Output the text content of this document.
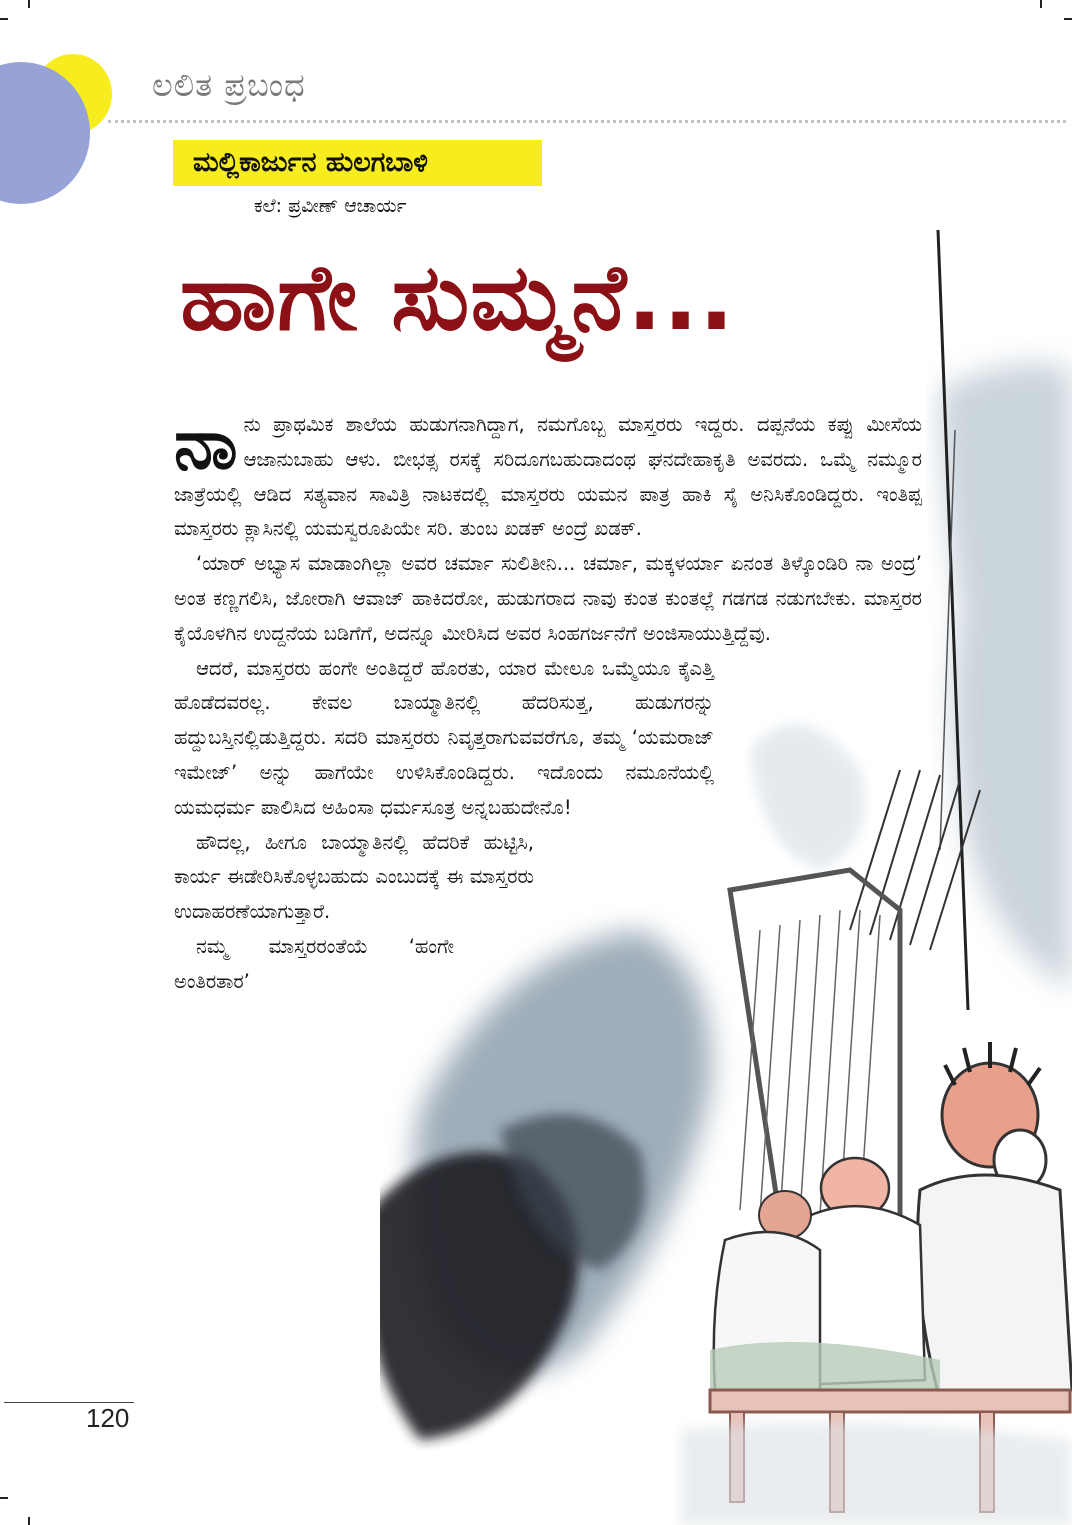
ಲಲಿತ ಪ್ರಬಂಧ
ಮಲ್ಲಿಕಾರ್ಜುನ ಹುಲಗಬಾಳಿ
ಕಲೆ: ಪ್ರವೀಣ್ ಆಚಾರ್ಯ
ಹಾಗೇ ಸುಮ್ಮನೆ...

ನಾನು ಪ್ರಾಥಮಿಕ ಶಾಲೆಯ ಹುಡುಗನಾಗಿದ್ದಾಗ, ನಮಗೊಬ್ಬ ಮಾಸ್ತರರು ಇದ್ದರು. ದಪ್ಪನೆಯ ಕಪ್ಪು ಮೀಸೆಯ ಆಜಾನುಬಾಹು ಆಳು. ಬೀಭತ್ಸ ರಸಕ್ಕೆ ಸರಿದೂಗಬಹುದಾದಂಥ ಘನದೇಹಾಕೃತಿ ಅವರದು. ಒಮ್ಮೆ ನಮ್ಮೂರ ಜಾತ್ರೆಯಲ್ಲಿ ಆಡಿದ ಸತ್ಯವಾನ ಸಾವಿತ್ರಿ ನಾಟಕದಲ್ಲಿ ಮಾಸ್ತರರು ಯಮನ ಪಾತ್ರ ಹಾಕಿ ಸೈ ಅನಿಸಿಕೊಂಡಿದ್ದರು. ಇಂತಿಪ್ಪ ಮಾಸ್ತರರು ಕ್ಲಾಸಿನಲ್ಲಿ ಯಮಸ್ವರೂಪಿಯೇ ಸರಿ. ತುಂಬ ಖಡಕ್ ಅಂದ್ರೆ ಖಡಕ್.

‘ಯಾರ್ ಅಭ್ಯಾಸ ಮಾಡಾಂಗಿಲ್ಲಾ ಅವರ ಚರ್ಮಾ ಸುಲಿತೀನಿ... ಚರ್ಮಾ, ಮಕ್ಕಳರ್ಯಾ ಏನಂತ ತಿಳ್ಕೊಂಡಿರಿ ನಾ ಅಂದ್ರ’ ಅಂತ ಕಣ್ಣಗಲಿಸಿ, ಜೋರಾಗಿ ಆವಾಜ್ ಹಾಕಿದರೋ, ಹುಡುಗರಾದ ನಾವು ಕುಂತ ಕುಂತಲ್ಲೆ ಗಡಗಡ ನಡುಗಬೇಕು. ಮಾಸ್ತರರ ಕೈಯೊಳಗಿನ ಉದ್ದನೆಯ ಬಡಿಗೆಗೆ, ಅದನ್ನೂ ಮೀರಿಸಿದ ಅವರ ಸಿಂಹಗರ್ಜನೆಗೆ ಅಂಜಿಸಾಯುತ್ತಿದ್ದೆವು.

ಆದರೆ, ಮಾಸ್ತರರು ಹಂಗೇ ಅಂತಿದ್ದರೆ ಹೊರತು, ಯಾರ ಮೇಲೂ ಒಮ್ಮೆಯೂ ಕೈಎತ್ತಿ ಹೊಡೆದವರಲ್ಲ. ಕೇವಲ ಬಾಯ್ಮಾತಿನಲ್ಲಿ ಹೆದರಿಸುತ್ತ, ಹುಡುಗರನ್ನು ಹದ್ದುಬಸ್ತಿನಲ್ಲಿಡುತ್ತಿದ್ದರು. ಸದರಿ ಮಾಸ್ತರರು ನಿವೃತ್ತರಾಗುವವರೆಗೂ, ತಮ್ಮ ‘ಯಮರಾಜ್ ಇಮೇಜ್’ ಅನ್ನು ಹಾಗೆಯೇ ಉಳಿಸಿಕೊಂಡಿದ್ದರು. ಇದೊಂದು ನಮೂನೆಯಲ್ಲಿ ಯಮಧರ್ಮ ಪಾಲಿಸಿದ ಅಹಿಂಸಾ ಧರ್ಮಸೂತ್ರ ಅನ್ನಬಹುದೇನೊ!

ಹೌದಲ್ಲ, ಹೀಗೂ ಬಾಯ್ಮಾತಿನಲ್ಲಿ ಹೆದರಿಕೆ ಹುಟ್ಟಿಸಿ, ಕಾರ್ಯ ಈಡೇರಿಸಿಕೊಳ್ಳಬಹುದು ಎಂಬುದಕ್ಕೆ ಈ ಮಾಸ್ತರರು ಉದಾಹರಣೆಯಾಗುತ್ತಾರೆ.

ನಮ್ಮ ಮಾಸ್ತರರಂತೆಯೆ ‘ಹಂಗೇ ಅಂತಿರತಾರ’

120
